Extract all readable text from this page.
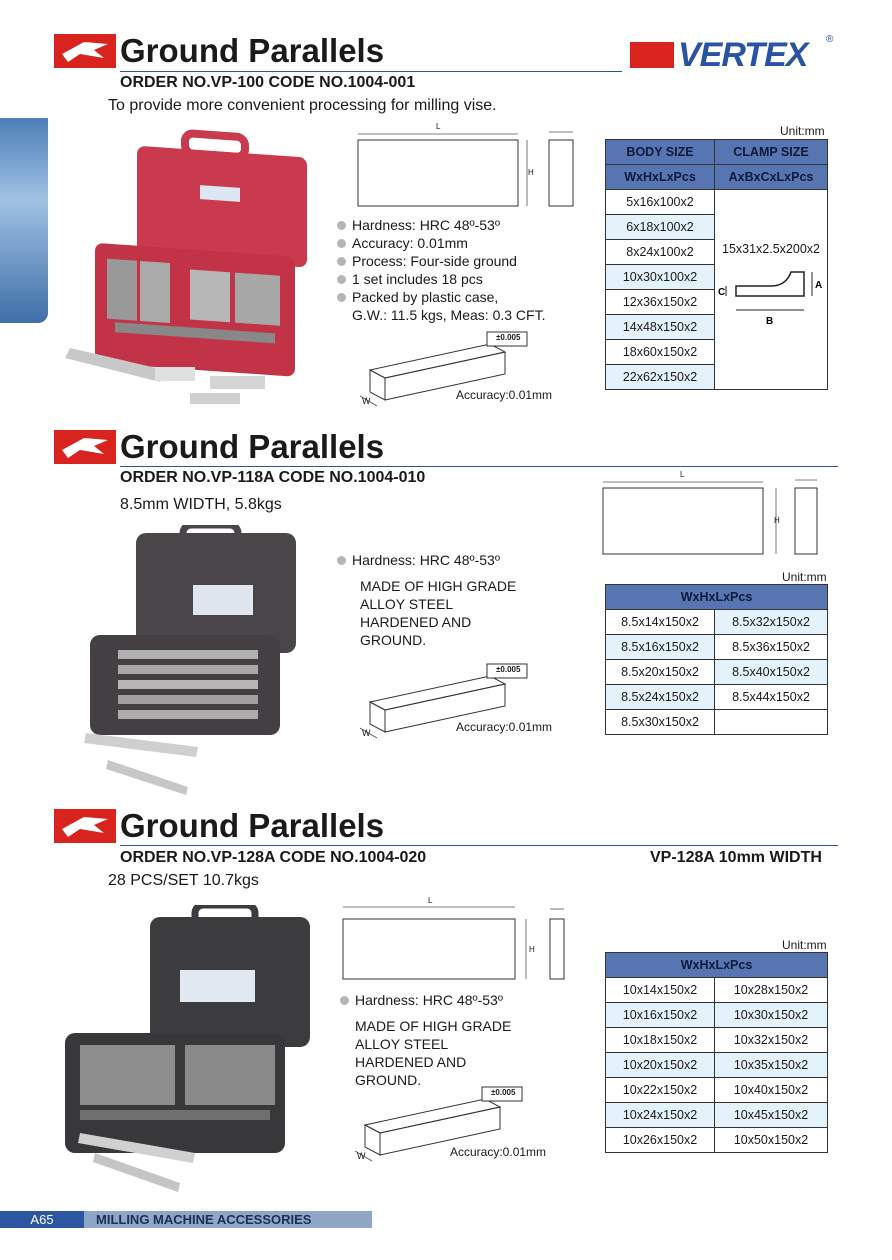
VERTEX ®
Ground Parallels
ORDER NO.VP-100 CODE NO.1004-001
To provide more convenient processing for milling vise.
L
H
Hardness: HRC 48º-53º
Accuracy: 0.01mm
Process: Four-side ground
1 set includes 18 pcs
Packed by plastic case,
G.W.: 11.5 kgs, Meas: 0.3 CFT.
±0.005
W	Accuracy:0.01mm
Unit:mm
BODY SIZE	CLAMP SIZE
WxHxLxPcs	AxBxCxLxPcs
5x16x100x2	15x31x2.5x200x2
A
B
C

6x18x100x2	
8x24x100x2	
10x30x100x2	
12x36x150x2	
14x48x150x2	
18x60x150x2	
22x62x150x2	
Ground Parallels
ORDER NO.VP-118A CODE NO.1004-010
8.5mm WIDTH, 5.8kgs
L
H
Hardness: HRC 48º-53º
MADE OF HIGH GRADE
ALLOY STEEL
HARDENED AND
GROUND.
±0.005
W	Accuracy:0.01mm
Unit:mm
WxHxLxPcs	
8.5x14x150x2	8.5x32x150x2
8.5x16x150x2	8.5x36x150x2
8.5x20x150x2	8.5x40x150x2
8.5x24x150x2	8.5x44x150x2
8.5x30x150x2	
Ground Parallels
ORDER NO.VP-128A CODE NO.1004-020	VP-128A 10mm WIDTH
28 PCS/SET 10.7kgs
L
H
Hardness: HRC 48º-53º
MADE OF HIGH GRADE
ALLOY STEEL
HARDENED AND
GROUND.
±0.005
W	Accuracy:0.01mm
Unit:mm
WxHxLxPcs	
10x14x150x2	10x28x150x2
10x16x150x2	10x30x150x2
10x18x150x2	10x32x150x2
10x20x150x2	10x35x150x2
10x22x150x2	10x40x150x2
10x24x150x2	10x45x150x2
10x26x150x2	10x50x150x2
A65	MILLING MACHINE ACCESSORIES
